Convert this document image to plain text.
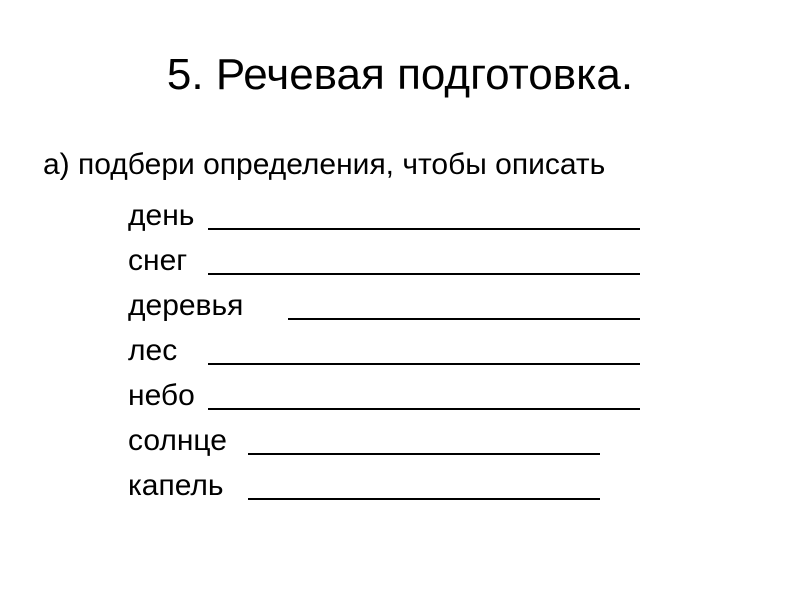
5. Речевая подготовка.
а) подбери определения, чтобы описать
день
снег
деревья
лес
небо
солнце
капель
